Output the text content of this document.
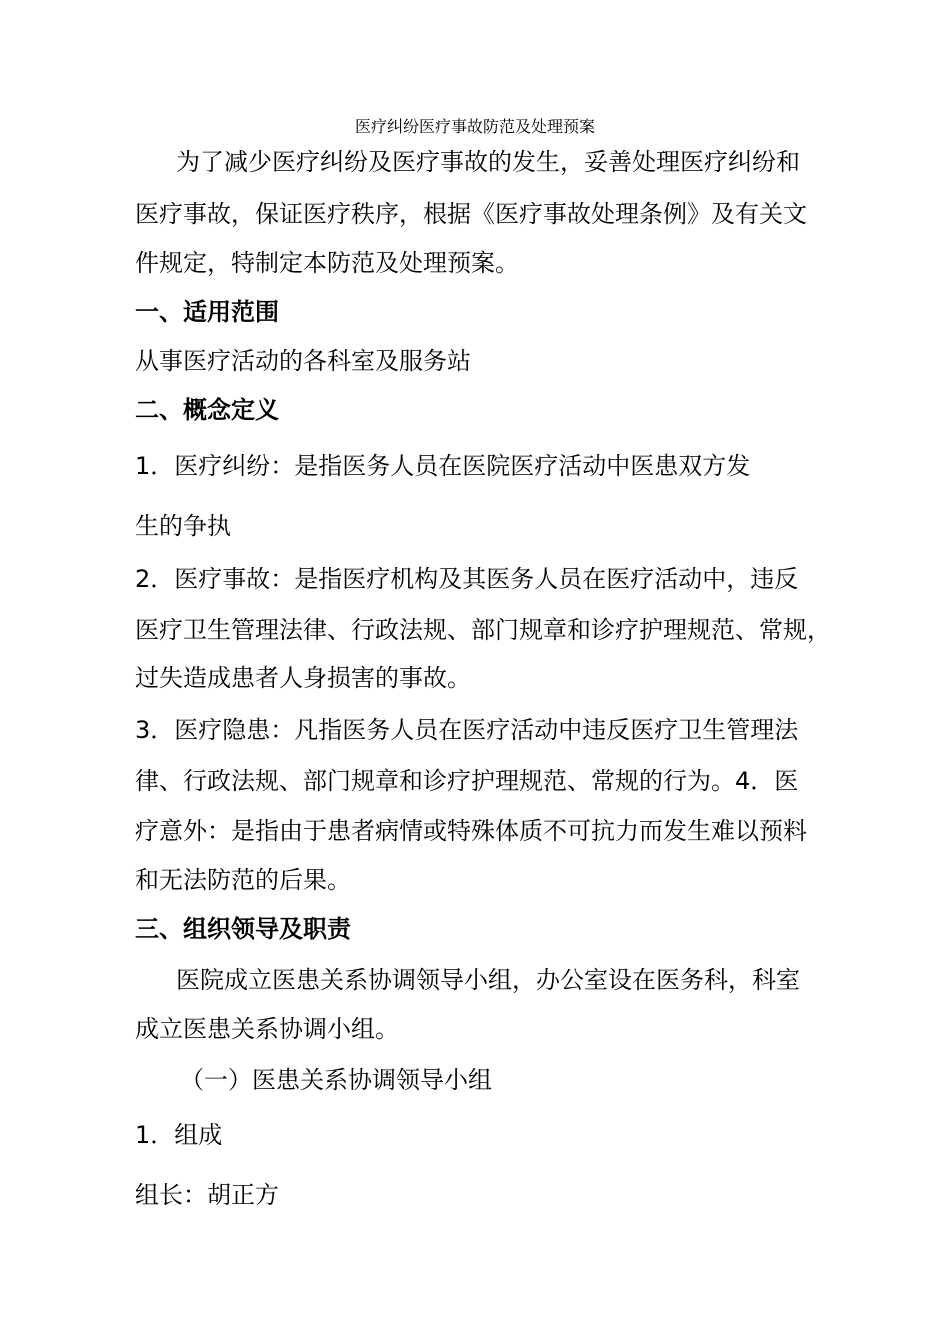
医疗纠纷医疗事故防范及处理预案
为了减少医疗纠纷及医疗事故的发生，妥善处理医疗纠纷和
医疗事故，保证医疗秩序，根据《医疗事故处理条例》及有关文
件规定，特制定本防范及处理预案。
一、适用范围
从事医疗活动的各科室及服务站
二、概念定义
1．医疗纠纷：是指医务人员在医院医疗活动中医患双方发
生的争执
2．医疗事故：是指医疗机构及其医务人员在医疗活动中，违反
医疗卫生管理法律、行政法规、部门规章和诊疗护理规范、常规，
过失造成患者人身损害的事故。
3．医疗隐患：凡指医务人员在医疗活动中违反医疗卫生管理法
律、行政法规、部门规章和诊疗护理规范、常规的行为。4．医
疗意外：是指由于患者病情或特殊体质不可抗力而发生难以预料
和无法防范的后果。
三、组织领导及职责
医院成立医患关系协调领导小组，办公室设在医务科，科室
成立医患关系协调小组。
（一）医患关系协调领导小组
1．组成
组长：胡正方
